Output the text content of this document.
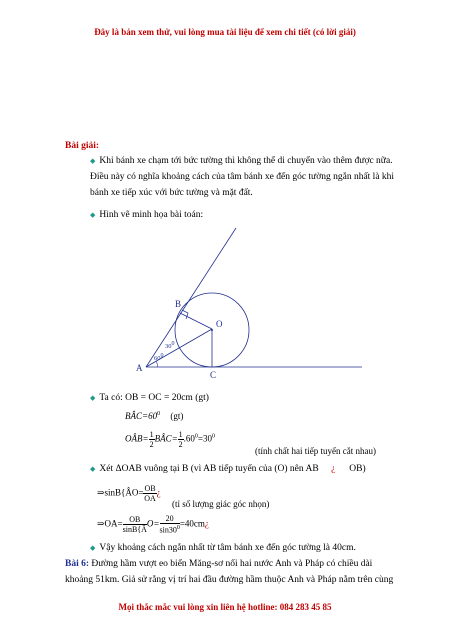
Đây là bản xem thử, vui lòng mua tài liệu để xem chi tiết (có lời giải)
Bài giải:
◆ Khi bánh xe chạm tới bức tường thì không thể di chuyển vào thêm được nữa.
Điều này có nghĩa khoảng cách của tâm bánh xe đến góc tường ngắn nhất là khi
bánh xe tiếp xúc với bức tường và mặt đất.
◆ Hình vẽ minh họa bài toán:
A
B
C
O
$30^0$
$60^0$
◆ Ta có: OB = OC = 20cm (gt)
$BÂC=60^0$ (gt)
OÂB= $\frac{1}{2}$ BÂC= $\frac{1}{2} .60^0=30^0$
(tính chất hai tiếp tuyến cắt nhau)
◆ Xét ΔOAB vuông tại B (vì AB tiếp tuyến của (O) nên AB ¿ OB)
⇒sinB{ÂO= $\frac{OB}{OA}$ ¿
(tỉ số lượng giác góc nhọn)
⇒OA= $\frac{OB}{\sin B\{Â} O= \frac{20}{\sin 30^0}$ =40cm¿
◆ Vậy khoảng cách ngắn nhất từ tâm bánh xe đến góc tường là 40cm.
Bài 6: Đường hầm vượt eo biển Măng-sơ nối hai nước Anh và Pháp có chiều dài
khoảng 51km. Giả sử rằng vị trí hai đầu đường hầm thuộc Anh và Pháp nằm trên cùng
Mọi thắc mắc vui lòng xin liên hệ hotline: 084 283 45 85
